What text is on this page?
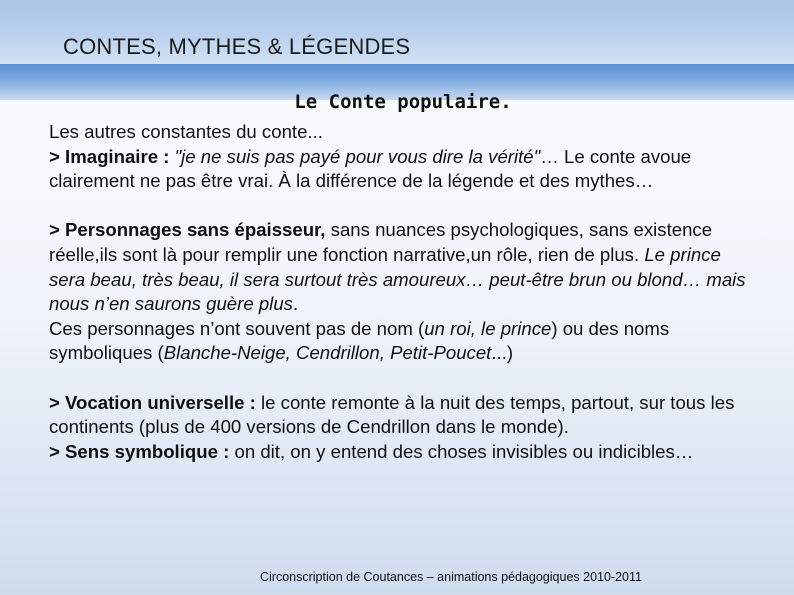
CONTES, MYTHES & LÉGENDES
Le Conte populaire.

Les autres constantes du conte...

> Imaginaire : "je ne suis pas payé pour vous dire la vérité"… Le conte avoue clairement ne pas être vrai. À la différence de la légende et des mythes…

> Personnages sans épaisseur, sans nuances psychologiques, sans existence réelle,ils sont là pour remplir une fonction narrative,un rôle, rien de plus. Le prince sera beau, très beau, il sera surtout très amoureux… peut-être brun ou blond… mais nous n’en saurons guère plus.

Ces personnages n’ont souvent pas de nom (un roi, le prince) ou des noms symboliques (Blanche-Neige, Cendrillon, Petit-Poucet...)

> Vocation universelle : le conte remonte à la nuit des temps, partout, sur tous les continents (plus de 400 versions de Cendrillon dans le monde).

> Sens symbolique : on dit, on y entend des choses invisibles ou indicibles…

Circonscription de Coutances – animations pédagogiques 2010-2011
